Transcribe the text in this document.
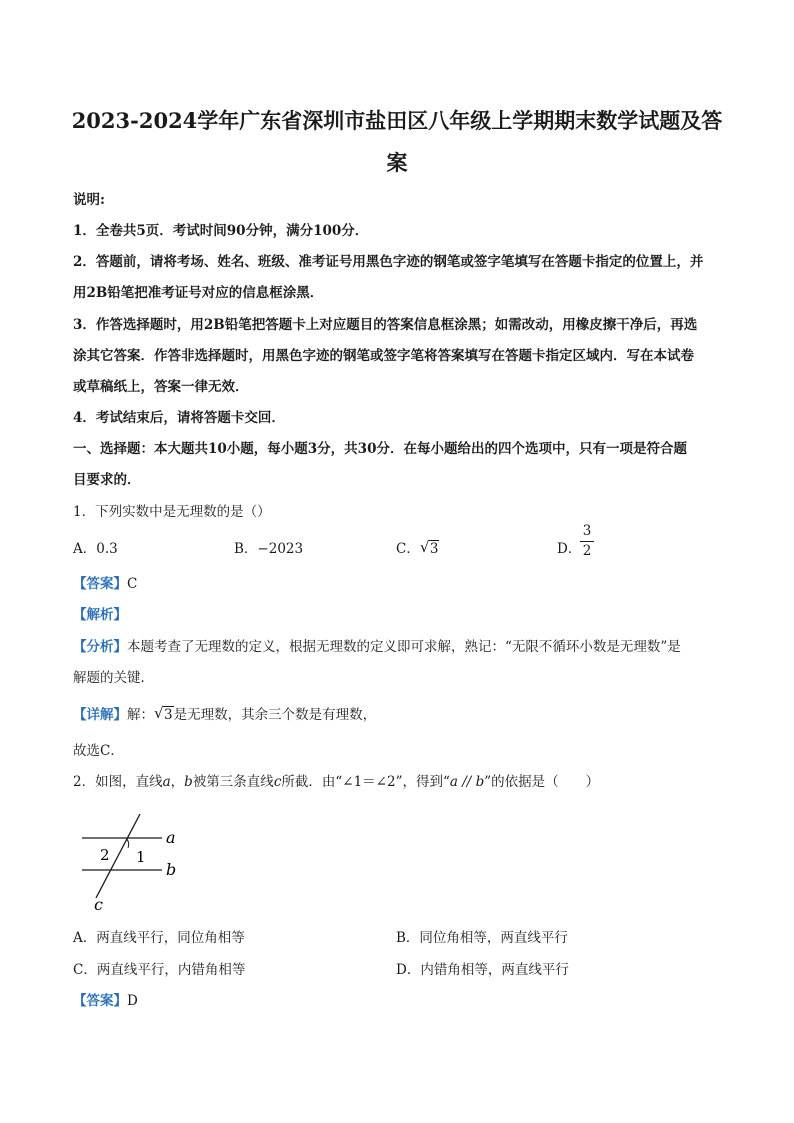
2023-2024学年广东省深圳市盐田区八年级上学期期末数学试题及答
案
说明:
1．全卷共5页．考试时间90分钟，满分100分．
2．答题前，请将考场、姓名、班级、准考证号用黑色字迹的钢笔或签字笔填写在答题卡指定的位置上，并
用2B铅笔把准考证号对应的信息框涂黑．
3．作答选择题时，用2B铅笔把答题卡上对应题目的答案信息框涂黑；如需改动，用橡皮擦干净后，再选
涂其它答案．作答非选择题时，用黑色字迹的钢笔或签字笔将答案填写在答题卡指定区域内．写在本试卷
或草稿纸上，答案一律无效．
4．考试结束后，请将答题卡交回．
一、选择题：本大题共10小题，每小题3分，共30分．在每小题给出的四个选项中，只有一项是符合题
目要求的．
1．下列实数中是无理数的是（）
A．0.3	B．−2023	C． √ 3	D．
3
2
【答案】C
【解析】
【分析】本题考查了无理数的定义，根据无理数的定义即可求解，熟记：“无限不循环小数是无理数”是
解题的关键．
【详解】解： √ 3是无理数，其余三个数是有理数，
故选C．
2．如图，直线a，b被第三条直线c所截．由“∠1＝∠2”，得到“a // b”的依据是（　　）
a
b
c
1
2
A．两直线平行，同位角相等	B．同位角相等，两直线平行
C．两直线平行，内错角相等	D．内错角相等，两直线平行
【答案】D
